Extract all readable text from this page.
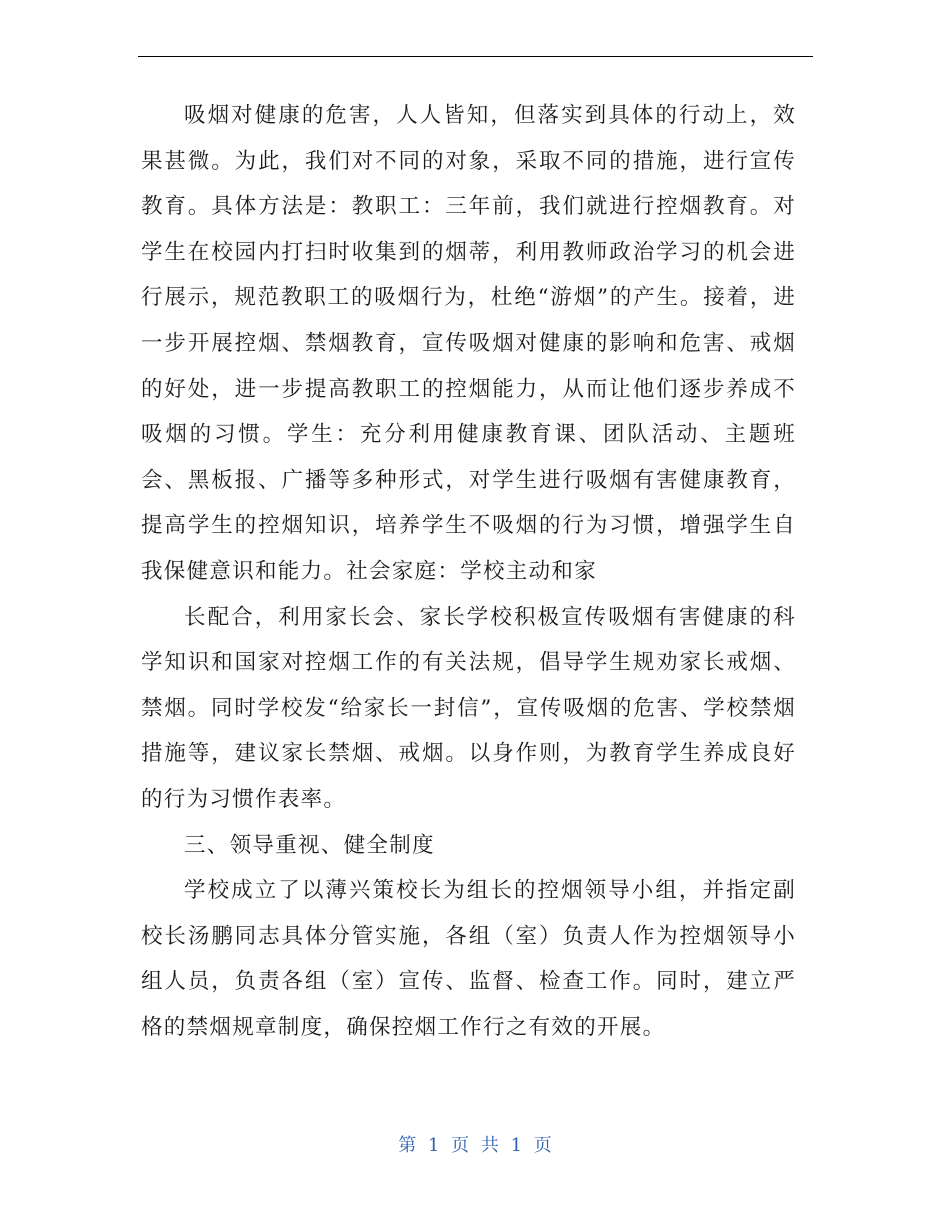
吸烟对健康的危害，人人皆知，但落实到具体的行动上，效果甚微。为此，我们对不同的对象，采取不同的措施，进行宣传教育。具体方法是：教职工：三年前，我们就进行控烟教育。对学生在校园内打扫时收集到的烟蒂，利用教师政治学习的机会进行展示，规范教职工的吸烟行为，杜绝“游烟”的产生。接着，进一步开展控烟、禁烟教育，宣传吸烟对健康的影响和危害、戒烟的好处，进一步提高教职工的控烟能力，从而让他们逐步养成不吸烟的习惯。学生：充分利用健康教育课、团队活动、主题班会、黑板报、广播等多种形式，对学生进行吸烟有害健康教育，提高学生的控烟知识，培养学生不吸烟的行为习惯，增强学生自我保健意识和能力。社会家庭：学校主动和家

长配合，利用家长会、家长学校积极宣传吸烟有害健康的科学知识和国家对控烟工作的有关法规，倡导学生规劝家长戒烟、禁烟。同时学校发“给家长一封信”，宣传吸烟的危害、学校禁烟措施等，建议家长禁烟、戒烟。以身作则，为教育学生养成良好的行为习惯作表率。

三、领导重视、健全制度

学校成立了以薄兴策校长为组长的控烟领导小组，并指定副校长汤鹏同志具体分管实施，各组（室）负责人作为控烟领导小组人员，负责各组（室）宣传、监督、检查工作。同时，建立严格的禁烟规章制度，确保控烟工作行之有效的开展。

第 1 页 共 1 页
